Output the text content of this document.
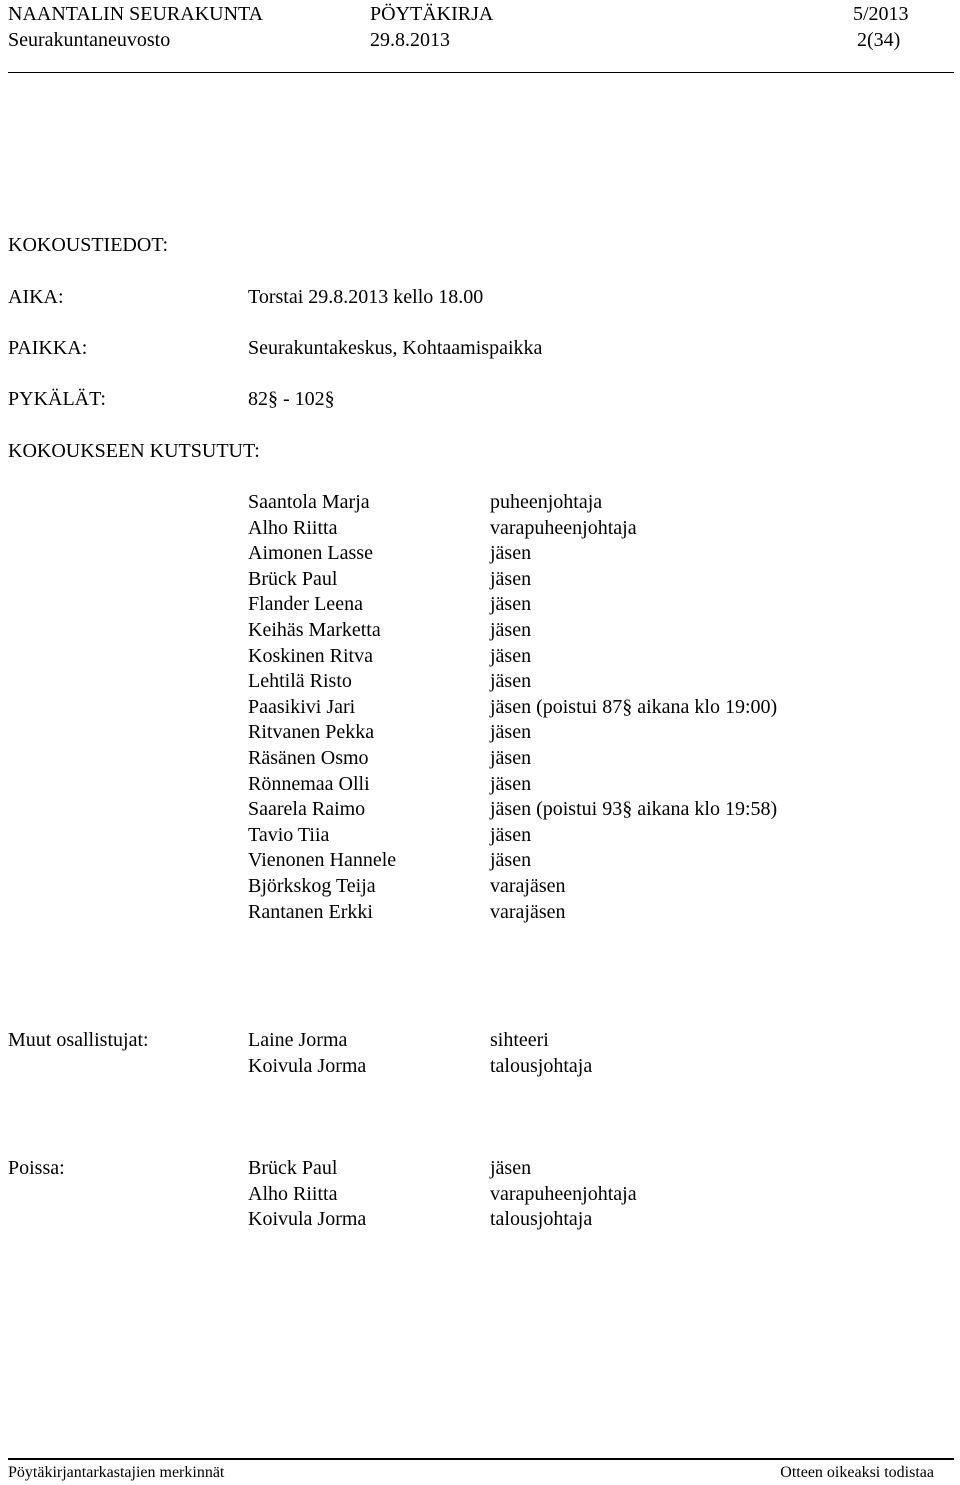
NAANTALIN SEURAKUNTA	PÖYTÄKIRJA	5/2013
Seurakuntaneuvosto	29.8.2013	2(34)
KOKOUSTIEDOT:
AIKA:	Torstai 29.8.2013 kello 18.00
PAIKKA:	Seurakuntakeskus, Kohtaamispaikka
PYKÄLÄT:	82§ - 102§
KOKOUKSEEN KUTSUTUT:
Saantola Marja	puheenjohtaja
Alho Riitta	varapuheenjohtaja
Aimonen Lasse	jäsen
Brück Paul	jäsen
Flander Leena	jäsen
Keihäs Marketta	jäsen
Koskinen Ritva	jäsen
Lehtilä Risto	jäsen
Paasikivi Jari	jäsen (poistui 87§ aikana klo 19:00)
Ritvanen Pekka	jäsen
Räsänen Osmo	jäsen
Rönnemaa Olli	jäsen
Saarela Raimo	jäsen (poistui 93§ aikana klo 19:58)
Tavio Tiia	jäsen
Vienonen Hannele	jäsen
Björkskog Teija	varajäsen
Rantanen Erkki	varajäsen
Muut osallistujat:	Laine Jorma	sihteeri
Koivula Jorma	talousjohtaja
Poissa:	Brück Paul	jäsen
Alho Riitta	varapuheenjohtaja
Koivula Jorma	talousjohtaja
Pöytäkirjantarkastajien merkinnät	Otteen oikeaksi todistaa
